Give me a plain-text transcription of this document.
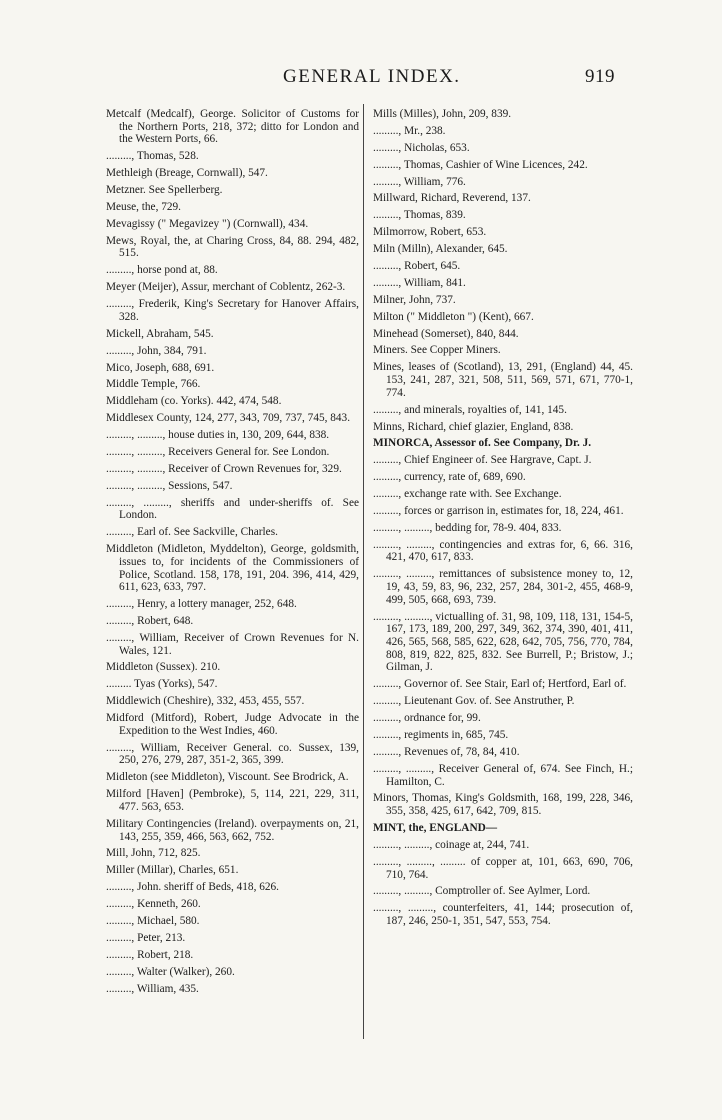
GENERAL INDEX.	919
Metcalf (Medcalf), George. Solicitor of Customs for the Northern Ports, 218, 372; ditto for London and the Western Ports, 66.
........., Thomas, 528.
Methleigh (Breage, Cornwall), 547.
Metzner. See Spellerberg.
Meuse, the, 729.
Mevagissy (" Megavizey ") (Cornwall), 434.
Mews, Royal, the, at Charing Cross, 84, 88. 294, 482, 515.
........., horse pond at, 88.
Meyer (Meijer), Assur, merchant of Coblentz, 262-3.
........., Frederik, King's Secretary for Hanover Affairs, 328.
Mickell, Abraham, 545.
........., John, 384, 791.
Mico, Joseph, 688, 691.
Middle Temple, 766.
Middleham (co. Yorks). 442, 474, 548.
Middlesex County, 124, 277, 343, 709, 737, 745, 843.
........., ........., house duties in, 130, 209, 644, 838.
........., ........., Receivers General for. See London.
........., ........., Receiver of Crown Revenues for, 329.
........., ........., Sessions, 547.
........., ........., sheriffs and under-sheriffs of. See London.
........., Earl of. See Sackville, Charles.
Middleton (Midleton, Myddelton), George, goldsmith, issues to, for incidents of the Commissioners of Police, Scotland. 158, 178, 191, 204. 396, 414, 429, 611, 623, 633, 797.
........., Henry, a lottery manager, 252, 648.
........., Robert, 648.
........., William, Receiver of Crown Revenues for N. Wales, 121.
Middleton (Sussex). 210.
......... Tyas (Yorks), 547.
Middlewich (Cheshire), 332, 453, 455, 557.
Midford (Mitford), Robert, Judge Advocate in the Expedition to the West Indies, 460.
........., William, Receiver General. co. Sussex, 139, 250, 276, 279, 287, 351-2, 365, 399.
Midleton (see Middleton), Viscount. See Brodrick, A.
Milford [Haven] (Pembroke), 5, 114, 221, 229, 311, 477. 563, 653.
Military Contingencies (Ireland). overpayments on, 21, 143, 255, 359, 466, 563, 662, 752.
Mill, John, 712, 825.
Miller (Millar), Charles, 651.
........., John. sheriff of Beds, 418, 626.
........., Kenneth, 260.
........., Michael, 580.
........., Peter, 213.
........., Robert, 218.
........., Walter (Walker), 260.
........., William, 435.
Mills (Milles), John, 209, 839.
........., Mr., 238.
........., Nicholas, 653.
........., Thomas, Cashier of Wine Licences, 242.
........., William, 776.
Millward, Richard, Reverend, 137.
........., Thomas, 839.
Milmorrow, Robert, 653.
Miln (Milln), Alexander, 645.
........., Robert, 645.
........., William, 841.
Milner, John, 737.
Milton (" Middleton ") (Kent), 667.
Minehead (Somerset), 840, 844.
Miners. See Copper Miners.
Mines, leases of (Scotland), 13, 291, (England) 44, 45. 153, 241, 287, 321, 508, 511, 569, 571, 671, 770-1, 774.
........., and minerals, royalties of, 141, 145.
Minns, Richard, chief glazier, England, 838.
MINORCA, Assessor of. See Company, Dr. J.
........., Chief Engineer of. See Hargrave, Capt. J.
........., currency, rate of, 689, 690.
........., exchange rate with. See Exchange.
........., forces or garrison in, estimates for, 18, 224, 461.
........., ........., bedding for, 78-9. 404, 833.
........., ........., contingencies and extras for, 6, 66. 316, 421, 470, 617, 833.
........., ........., remittances of subsistence money to, 12, 19, 43, 59, 83, 96, 232, 257, 284, 301-2, 455, 468-9, 499, 505, 668, 693, 739.
........., ........., victualling of. 31, 98, 109, 118, 131, 154-5, 167, 173, 189, 200, 297, 349, 362, 374, 390, 401, 411, 426, 565, 568, 585, 622, 628, 642, 705, 756, 770, 784, 808, 819, 822, 825, 832. See Burrell, P.; Bristow, J.; Gilman, J.
........., Governor of. See Stair, Earl of; Hertford, Earl of.
........., Lieutenant Gov. of. See Anstruther, P.
........., ordnance for, 99.
........., regiments in, 685, 745.
........., Revenues of, 78, 84, 410.
........., ........., Receiver General of, 674. See Finch, H.; Hamilton, C.
Minors, Thomas, King's Goldsmith, 168, 199, 228, 346, 355, 358, 425, 617, 642, 709, 815.
MINT, the, ENGLAND—
........., ........., coinage at, 244, 741.
........., ........., ......... of copper at, 101, 663, 690, 706, 710, 764.
........., ........., Comptroller of. See Aylmer, Lord.
........., ........., counterfeiters, 41, 144; prosecution of, 187, 246, 250-1, 351, 547, 553, 754.
